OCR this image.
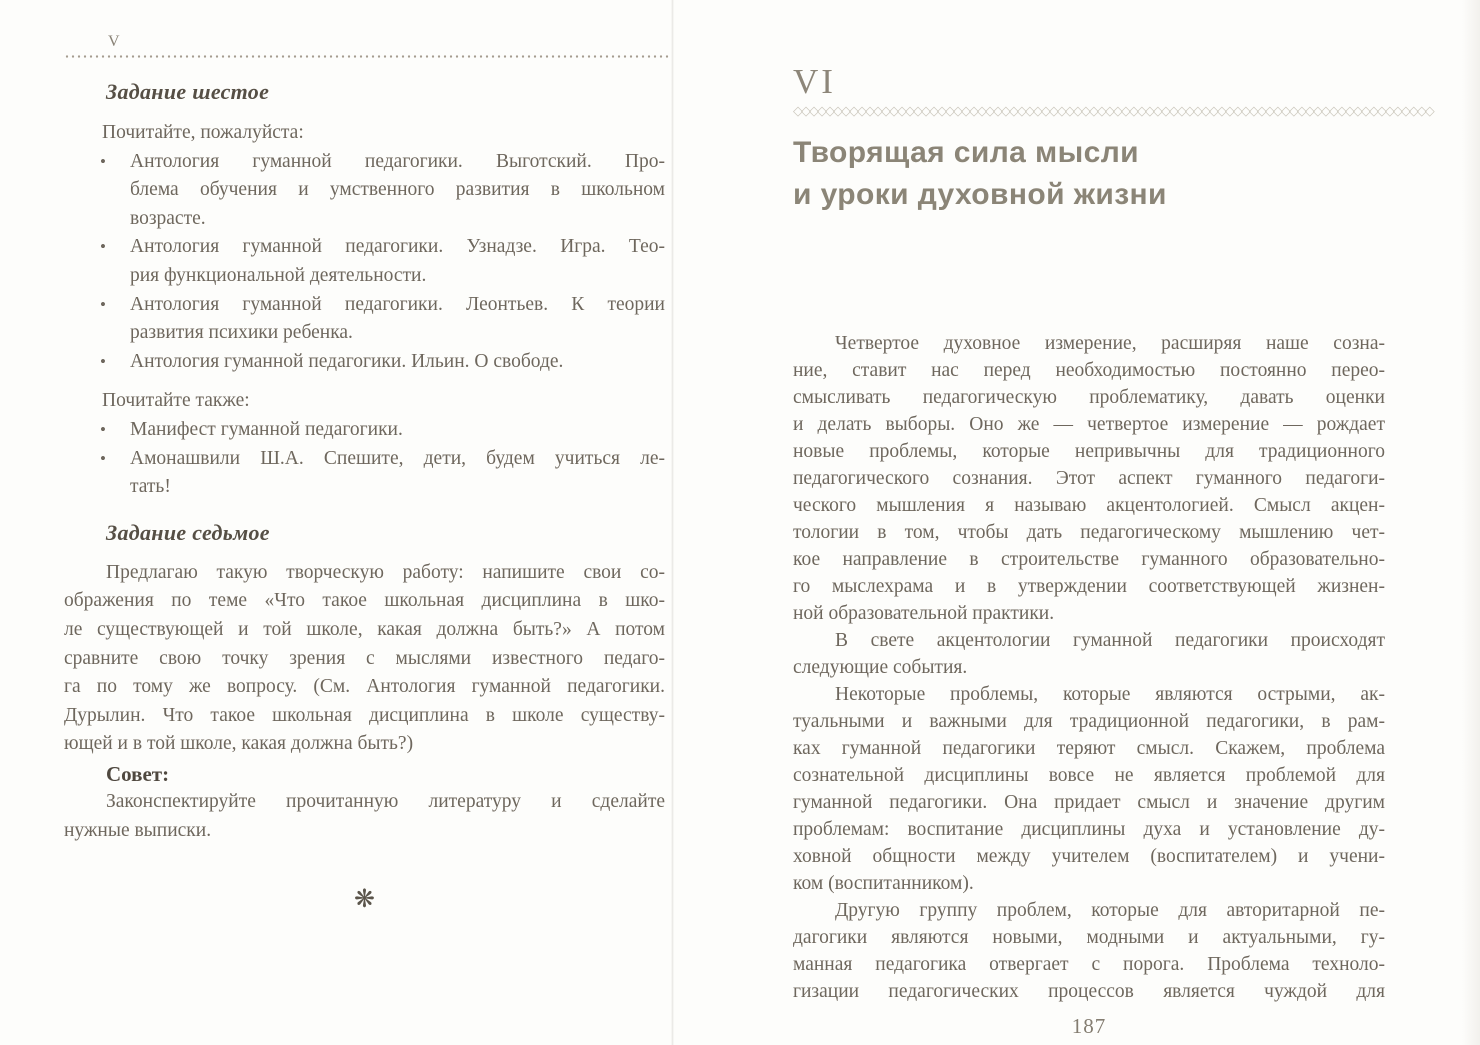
V
Задание шестое
Почитайте, пожалуйста:
•
Антология гуманной педагогики. Выготский. Про-
блема обучения и умственного развития в школьном
возрасте.
•
Антология гуманной педагогики. Узнадзе. Игра. Тео-
рия функциональной деятельности.
•
Антология гуманной педагогики. Леонтьев. К теории
развития психики ребенка.
•
Антология гуманной педагогики. Ильин. О свободе.
Почитайте также:
•
Манифест гуманной педагогики.
•
Амонашвили Ш.А. Спешите, дети, будем учиться ле-
тать!
Задание седьмое
Предлагаю такую творческую работу: напишите свои со-
ображения по теме «Что такое школьная дисциплина в шко-
ле существующей и той школе, какая должна быть?» А потом
сравните свою точку зрения с мыслями известного педаго-
га по тому же вопросу. (См. Антология гуманной педагогики.
Дурылин. Что такое школьная дисциплина в школе существу-
ющей и в той школе, какая должна быть?)
Совет:
Законспектируйте прочитанную литературу и сделайте
нужные выписки.
❋
VI
◇◇◇◇◇◇◇◇◇◇◇◇◇◇◇◇◇◇◇◇◇◇◇◇◇◇◇◇◇◇◇◇◇◇◇◇◇◇◇◇◇◇◇◇◇◇◇◇◇◇◇◇◇◇◇◇◇◇◇◇◇◇◇◇◇◇◇◇◇◇◇◇◇◇◇◇◇◇◇◇
Творящая сила мысли
и уроки духовной жизни
Четвертое духовное измерение, расширяя наше созна-
ние, ставит нас перед необходимостью постоянно перео-
смысливать педагогическую проблематику, давать оценки
и делать выборы. Оно же — четвертое измерение — рождает
новые проблемы, которые непривычны для традиционного
педагогического сознания. Этот аспект гуманного педагоги-
ческого мышления я называю акцентологией. Смысл акцен-
тологии в том, чтобы дать педагогическому мышлению чет-
кое направление в строительстве гуманного образовательно-
го мыслехрама и в утверждении соответствующей жизнен-
ной образовательной практики.
В свете акцентологии гуманной педагогики происходят
следующие события.
Некоторые проблемы, которые являются острыми, ак-
туальными и важными для традиционной педагогики, в рам-
ках гуманной педагогики теряют смысл. Скажем, проблема
сознательной дисциплины вовсе не является проблемой для
гуманной педагогики. Она придает смысл и значение другим
проблемам: воспитание дисциплины духа и установление ду-
ховной общности между учителем (воспитателем) и учени-
ком (воспитанником).
Другую группу проблем, которые для авторитарной пе-
дагогики являются новыми, модными и актуальными, гу-
манная педагогика отвергает с порога. Проблема техноло-
гизации педагогических процессов является чуждой для
187
